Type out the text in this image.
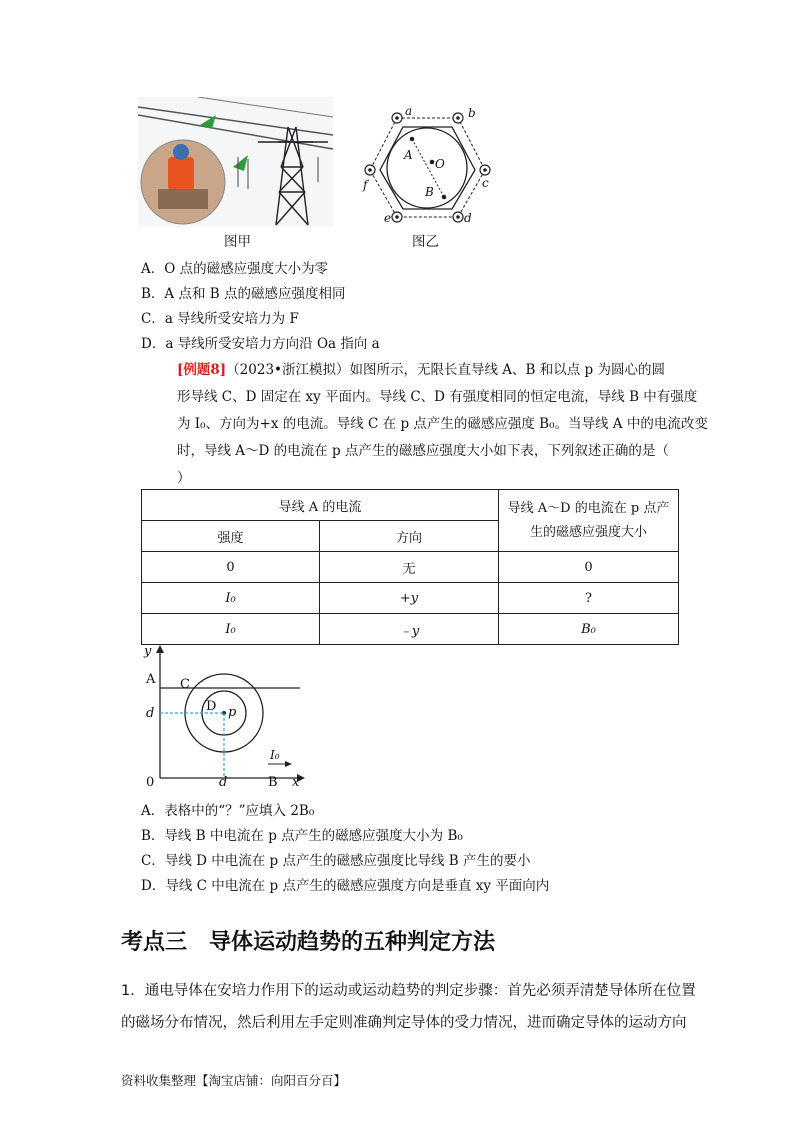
图甲
a	b
c
d
e
f
A
O
B
图乙
A．O 点的磁感应强度大小为零
B．A 点和 B 点的磁感应强度相同
C．a 导线所受安培力为 F
D．a 导线所受安培力方向沿 Oa 指向 a
[例题8]（2023•浙江模拟）如图所示，无限长直导线 A、B 和以点 p 为圆心的圆
形导线 C、D 固定在 xy 平面内。导线 C、D 有强度相同的恒定电流，导线 B 中有强度
为 I₀、方向为+x 的电流。导线 C 在 p 点产生的磁感应强度 B₀。当导线 A 中的电流改变
时，导线 A～D 的电流在 p 点产生的磁感应强度大小如下表，下列叙述正确的是（
）
导线 A 的电流		导线 A～D 的电流在 p 点产
生的磁感应强度大小

强度	方向	
0	无	0
I₀	+y	?
I₀	﹣y	B₀
y
A C
D p
d
d
0	B x
I₀
A．表格中的“？”应填入 2B₀
B．导线 B 中电流在 p 点产生的磁感应强度大小为 B₀
C．导线 D 中电流在 p 点产生的磁感应强度比导线 B 产生的要小
D．导线 C 中电流在 p 点产生的磁感应强度方向是垂直 xy 平面向内
考点三　导体运动趋势的五种判定方法
1．通电导体在安培力作用下的运动或运动趋势的判定步骤：首先必须弄清楚导体所在位置
的磁场分布情况，然后利用左手定则准确判定导体的受力情况，进而确定导体的运动方向
资料收集整理【淘宝店铺：向阳百分百】
